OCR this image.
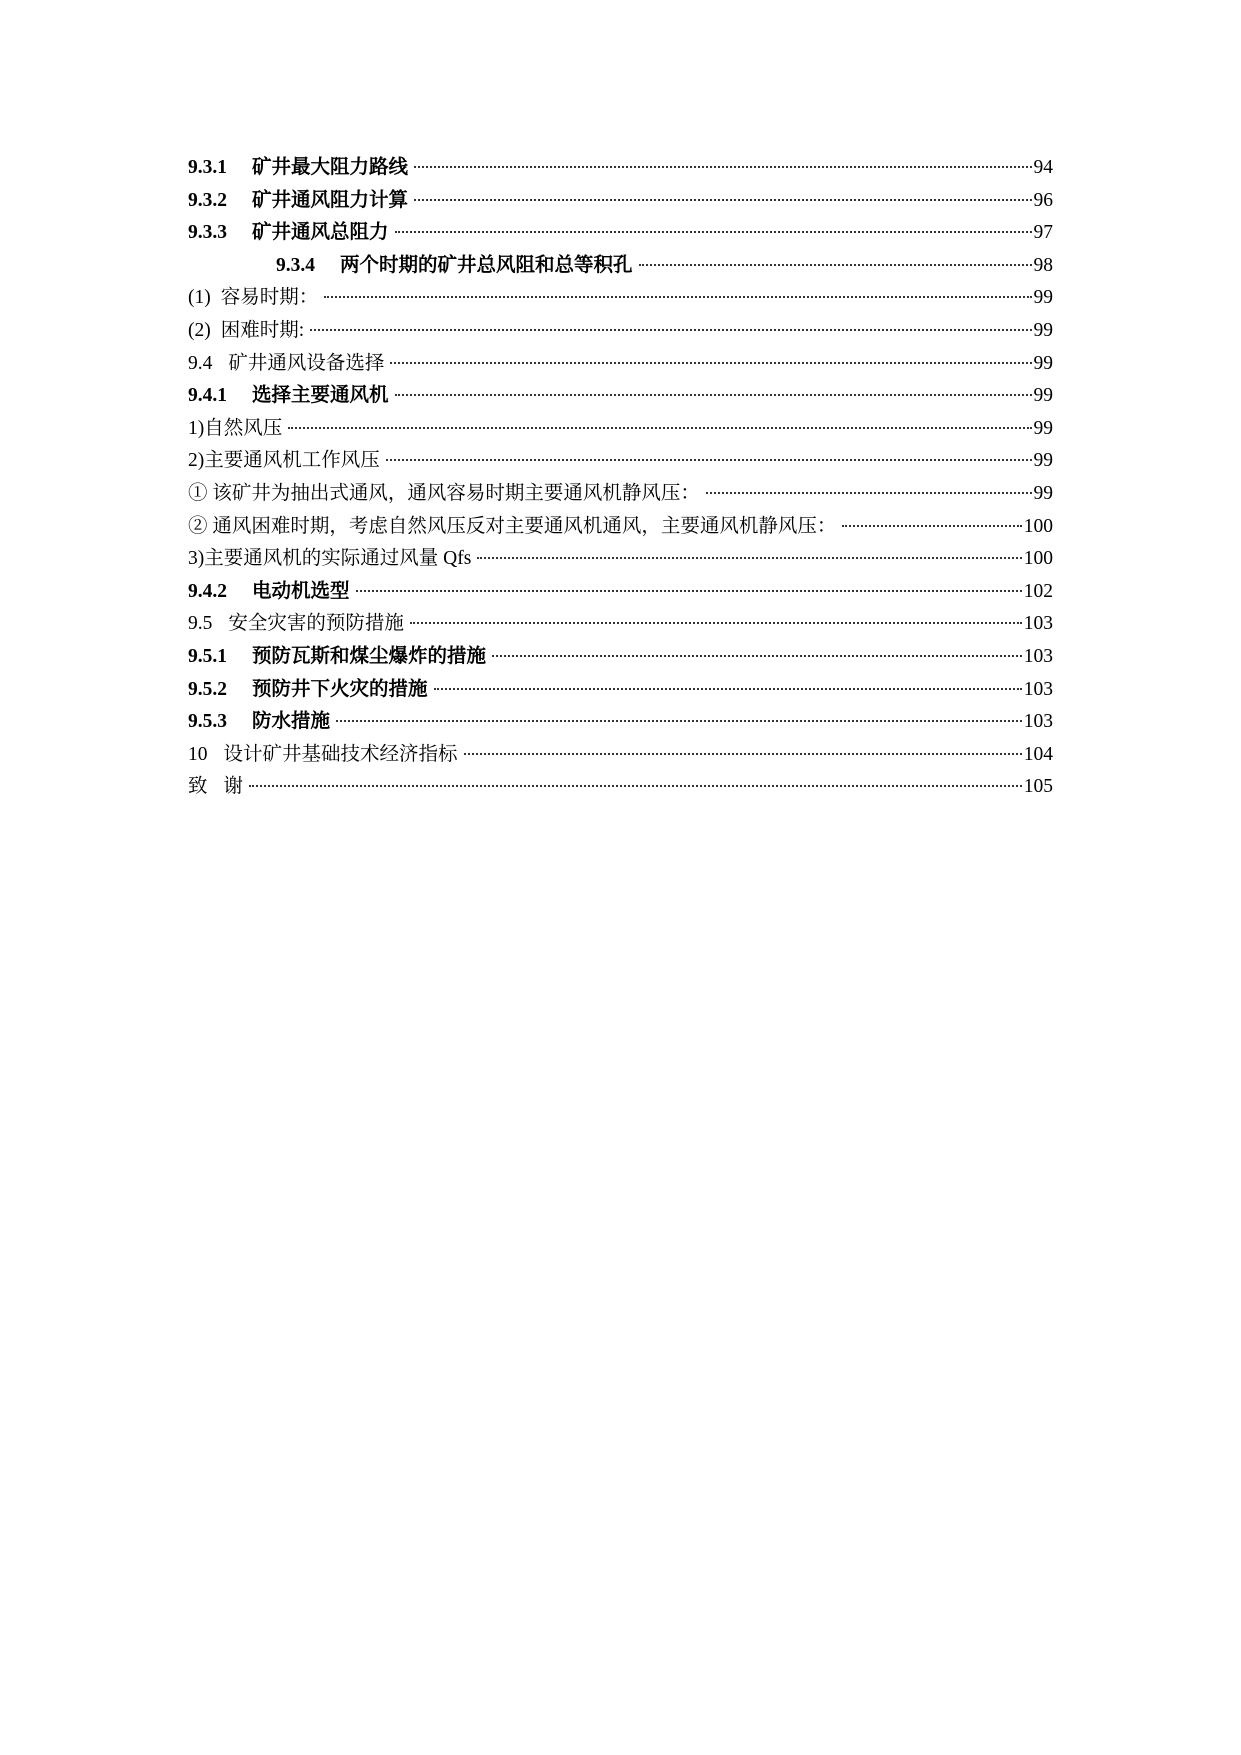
9.3.1	矿井最大阻力路线	94
9.3.2	矿井通风阻力计算	96
9.3.3	矿井通风总阻力	97
9.3.4	两个时期的矿井总风阻和总等积孔	98
(1) 容易时期：	99
(2) 困难时期:	99
9.4 矿井通风设备选择	99
9.4.1	选择主要通风机	99
1)自然风压	99
2)主要通风机工作风压	99
① 该矿井为抽出式通风，通风容易时期主要通风机静风压：	99
② 通风困难时期，考虑自然风压反对主要通风机通风，主要通风机静风压：	100
3)主要通风机的实际通过风量 Qfs	100
9.4.2	电动机选型	102
9.5 安全灾害的预防措施	103
9.5.1	预防瓦斯和煤尘爆炸的措施	103
9.5.2	预防井下火灾的措施	103
9.5.3	防水措施	103
10 设计矿井基础技术经济指标	104
致 谢	105
